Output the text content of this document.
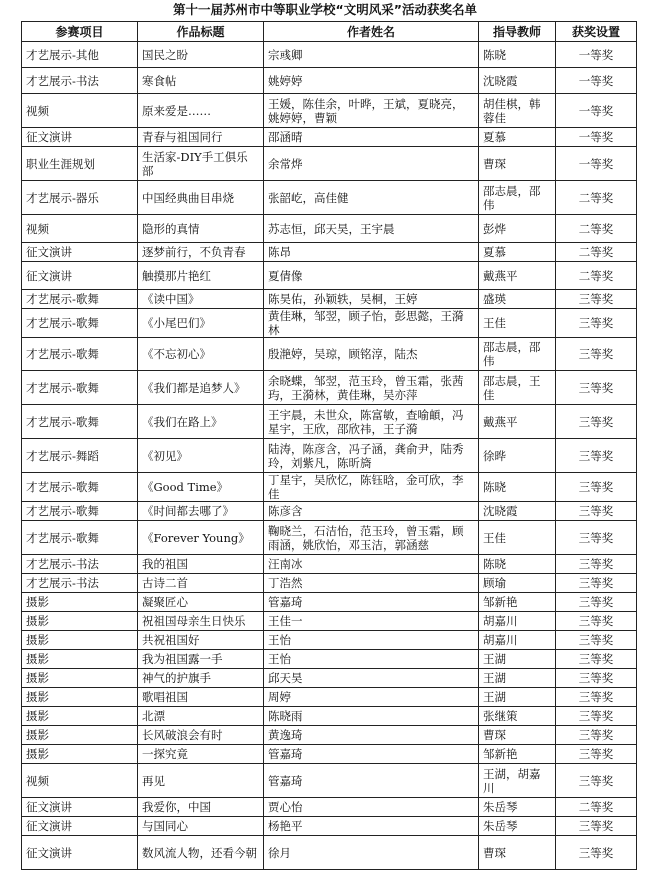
第十一届苏州市中等职业学校“文明风采”活动获奖名单
参赛项目	作品标题	作者姓名	指导教师	获奖设置
才艺展示-其他	国民之盼	宗彧卿	陈晓	一等奖
才艺展示-书法	寒食帖	姚婷婷	沈晓霞	一等奖
视频	原来爱是……	王媛，陈佳余，叶晔，王斌，夏晓亮，姚婷婷，曹颖	胡佳棋，韩蓉佳	一等奖
征文演讲	青春与祖国同行	邵涵晴	夏慕	一等奖
职业生涯规划	生活家-DIY手工俱乐部	余常烨	曹琛	一等奖
才艺展示-器乐	中国经典曲目串烧	张韶屹，高佳健	邵志晨，邵伟	二等奖
视频	隐形的真情	苏志恒，邱天昊，王宇晨	彭烨	二等奖
征文演讲	逐梦前行，不负青春	陈昂	夏慕	二等奖
征文演讲	触摸那片艳红	夏倩像	戴燕平	二等奖
才艺展示-歌舞	《读中国》	陈昊佑，孙颖轶，吴桐，王婷	盛瑛	三等奖
才艺展示-歌舞	《小尾巴们》	黄佳琳，邹翌，顾子怡，彭思懿，王漪林	王佳	三等奖
才艺展示-歌舞	《不忘初心》	殷滟婷，吴琼，顾铭淳，陆杰	邵志晨，邵伟	三等奖
才艺展示-歌舞	《我们都是追梦人》	余晓蝶，邹翌，范玉玲，曾玉霜，张茜玙，王漪林，黄佳琳，吴亦萍	邵志晨，王佳	三等奖
才艺展示-歌舞	《我们在路上》	王宇晨，未世众，陈富敏，查喻頔，冯星宇，王欣，邵欣祎，王子漪	戴燕平	三等奖
才艺展示-舞蹈	《初见》	陆涛，陈彦含，冯子涵，龚俞尹，陆秀玲，刘紫凡，陈昕旖	徐晔	三等奖
才艺展示-歌舞	《Good Time》	丁星宇，吴欣忆，陈钰晗，金可欣，李佳	陈晓	三等奖
才艺展示-歌舞	《时间都去哪了》	陈彦含	沈晓霞	三等奖
才艺展示-歌舞	《Forever Young》	鞠晓兰，石洁怡，范玉玲，曾玉霜，顾雨涵，姚欣怡，邓玉洁，郭涵慈	王佳	三等奖
才艺展示-书法	我的祖国	汪南冰	陈晓	三等奖
才艺展示-书法	古诗二首	丁浩然	顾瑜	三等奖
摄影	凝聚匠心	管嘉琦	邹新艳	三等奖
摄影	祝祖国母亲生日快乐	王佳一	胡嘉川	三等奖
摄影	共祝祖国好	王怡	胡嘉川	三等奖
摄影	我为祖国露一手	王怡	王湖	三等奖
摄影	神气的护旗手	邱天昊	王湖	三等奖
摄影	歌唱祖国	周婷	王湖	三等奖
摄影	北漂	陈晓雨	张继策	三等奖
摄影	长风破浪会有时	黄逸琦	曹琛	三等奖
摄影	一探究竟	管嘉琦	邹新艳	三等奖
视频	再见	管嘉琦	王湖，胡嘉川	三等奖
征文演讲	我爱你，中国	贾心怡	朱岳琴	二等奖
征文演讲	与国同心	杨艳平	朱岳琴	三等奖
征文演讲	数风流人物，还看今朝	徐月	曹琛	三等奖
